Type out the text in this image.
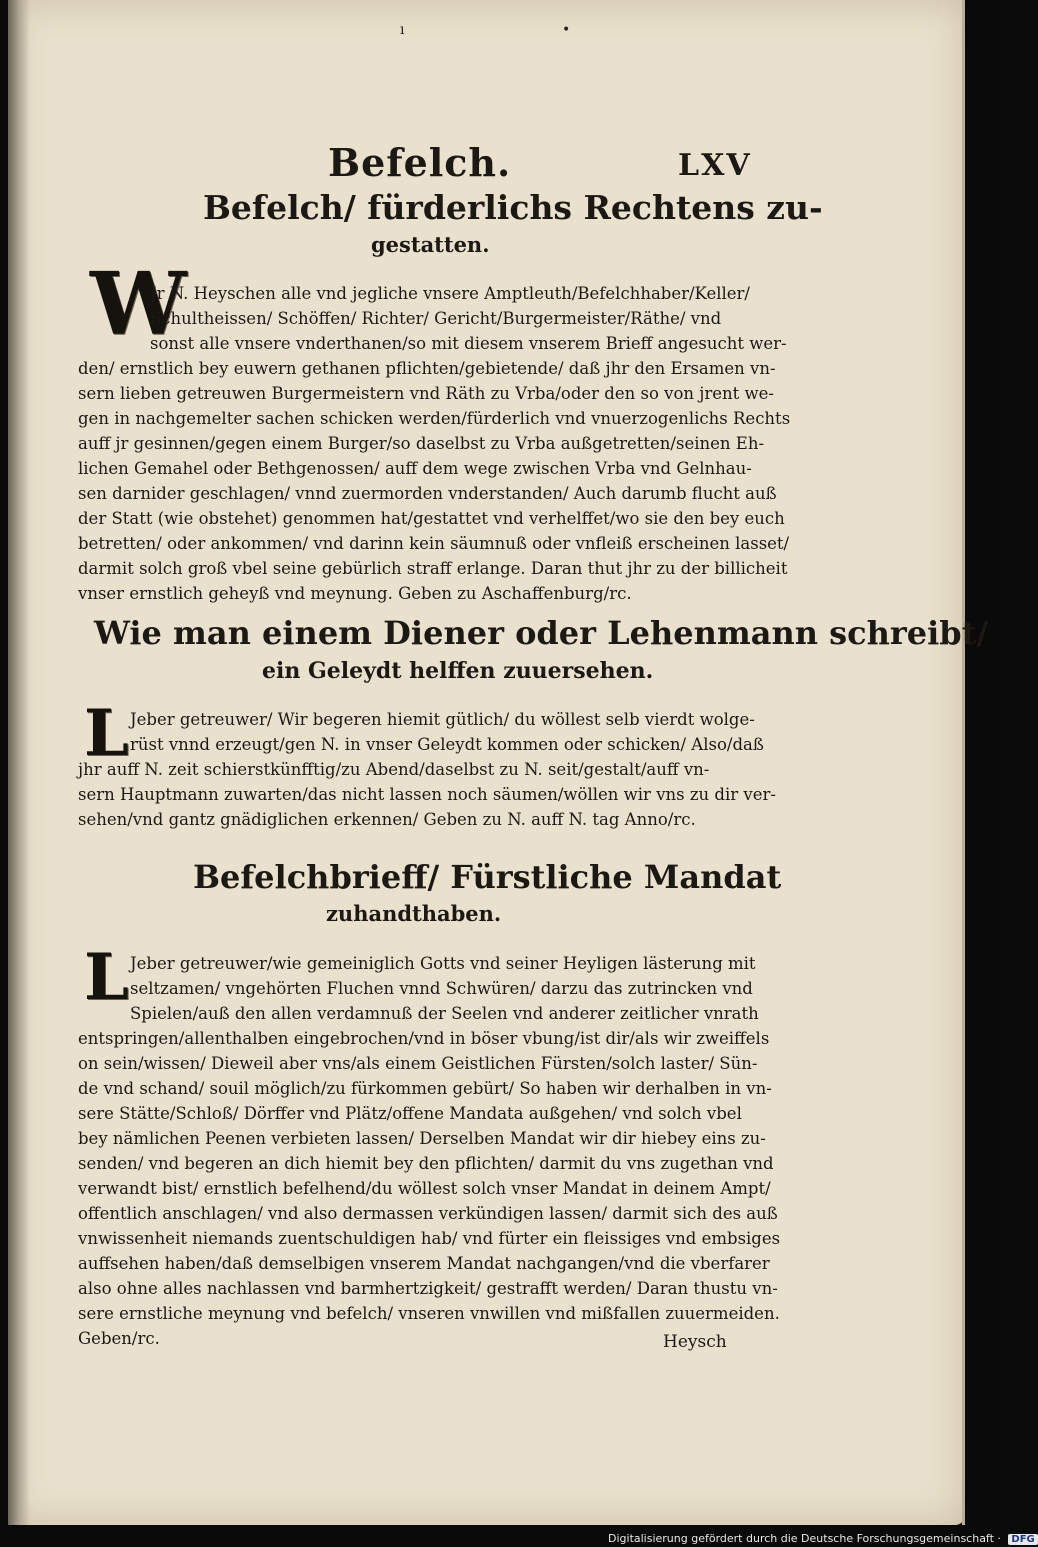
ı	•
Befelch.	LXV
Befelch/ fürderlichs Rechtens zu-
gestatten.
W
Jr N. Heyschen alle vnd jegliche vnsere Amptleuth/Befelchhaber/Keller/
Schultheissen/ Schöffen/ Richter/ Gericht/Burgermeister/Räthe/ vnd
sonst alle vnsere vnderthanen/so mit diesem vnserem Brieff angesucht wer-
den/ ernstlich bey euwern gethanen pflichten/gebietende/ daß jhr den Ersamen vn-
sern lieben getreuwen Burgermeistern vnd Räth zu Vrba/oder den so von jrent we-
gen in nachgemelter sachen schicken werden/fürderlich vnd vnuerzogenlichs Rechts
auff jr gesinnen/gegen einem Burger/so daselbst zu Vrba außgetretten/seinen Eh-
lichen Gemahel oder Bethgenossen/ auff dem wege zwischen Vrba vnd Gelnhau-
sen darnider geschlagen/ vnnd zuermorden vnderstanden/ Auch darumb flucht auß
der Statt (wie obstehet) genommen hat/gestattet vnd verhelffet/wo sie den bey euch
betretten/ oder ankommen/ vnd darinn kein säumnuß oder vnfleiß erscheinen lasset/
darmit solch groß vbel seine gebürlich straff erlange. Daran thut jhr zu der billicheit
vnser ernstlich geheyß vnd meynung. Geben zu Aschaffenburg/rc.
Wie man einem Diener oder Lehenmann schreibt/
ein Geleydt helffen zuuersehen.
L Jeber getreuwer/ Wir begeren hiemit gütlich/ du wöllest selb vierdt wolge-
rüst vnnd erzeugt/gen N. in vnser Geleydt kommen oder schicken/ Also/daß
jhr auff N. zeit schierstkünfftig/zu Abend/daselbst zu N. seit/gestalt/auff vn-
sern Hauptmann zuwarten/das nicht lassen noch säumen/wöllen wir vns zu dir ver-
sehen/vnd gantz gnädiglichen erkennen/ Geben zu N. auff N. tag Anno/rc.
Befelchbrieff/ Fürstliche Mandat
zuhandthaben.
L Jeber getreuwer/wie gemeiniglich Gotts vnd seiner Heyligen lästerung mit
seltzamen/ vngehörten Fluchen vnnd Schwüren/ darzu das zutrincken vnd
Spielen/auß den allen verdamnuß der Seelen vnd anderer zeitlicher vnrath
entspringen/allenthalben eingebrochen/vnd in böser vbung/ist dir/als wir zweiffels
on sein/wissen/ Dieweil aber vns/als einem Geistlichen Fürsten/solch laster/ Sün-
de vnd schand/ souil möglich/zu fürkommen gebürt/ So haben wir derhalben in vn-
sere Stätte/Schloß/ Dörffer vnd Plätz/offene Mandata außgehen/ vnd solch vbel
bey nämlichen Peenen verbieten lassen/ Derselben Mandat wir dir hiebey eins zu-
senden/ vnd begeren an dich hiemit bey den pflichten/ darmit du vns zugethan vnd
verwandt bist/ ernstlich befelhend/du wöllest solch vnser Mandat in deinem Ampt/
offentlich anschlagen/ vnd also dermassen verkündigen lassen/ darmit sich des auß
vnwissenheit niemands zuentschuldigen hab/ vnd fürter ein fleissiges vnd embsiges
auffsehen haben/daß demselbigen vnserem Mandat nachgangen/vnd die vberfarer
also ohne alles nachlassen vnd barmhertzigkeit/ gestrafft werden/ Daran thustu vn-
sere ernstliche meynung vnd befelch/ vnseren vnwillen vnd mißfallen zuuermeiden.
Geben/rc.	Heysch
Digitalisierung gefördert durch die Deutsche Forschungsgemeinschaft · DFG
